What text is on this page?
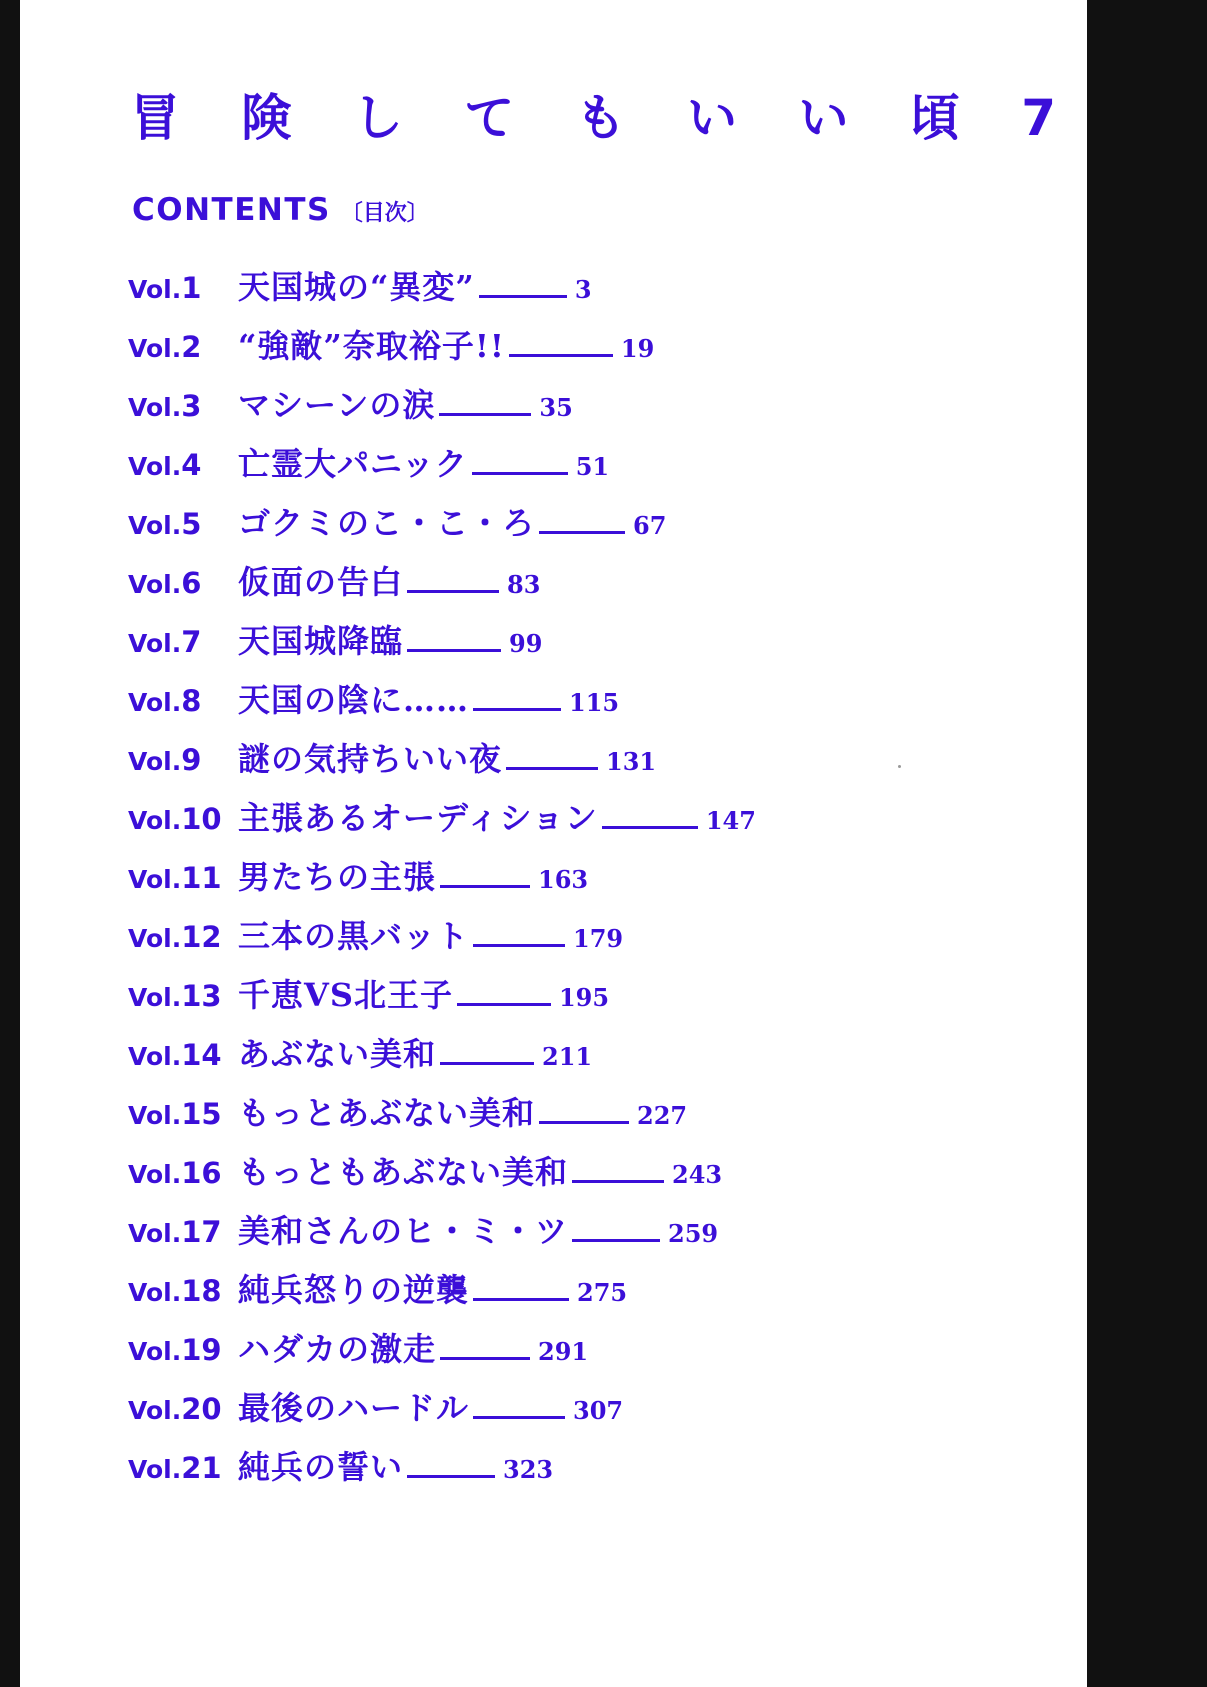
冒 険 し て も い い 頃 7
CONTENTS 〔目次〕
Vol.1	天国城の“異変”	3
Vol.2	“強敵”奈取裕子!!	19
Vol.3	マシーンの涙	35
Vol.4	亡霊大パニック	51
Vol.5	ゴクミのこ・こ・ろ	67
Vol.6	仮面の告白	83
Vol.7	天国城降臨	99
Vol.8	天国の陰に……	115
Vol.9	謎の気持ちいい夜	131
Vol.10 主張あるオーディション	147
Vol.11 男たちの主張	163
Vol.12 三本の黒バット	179
Vol.13 千恵VS北王子	195
Vol.14 あぶない美和	211
Vol.15 もっとあぶない美和	227
Vol.16 もっともあぶない美和	243
Vol.17 美和さんのヒ・ミ・ツ	259
Vol.18 純兵怒りの逆襲	275
Vol.19 ハダカの激走	291
Vol.20 最後のハードル	307
Vol.21 純兵の誓い	323
